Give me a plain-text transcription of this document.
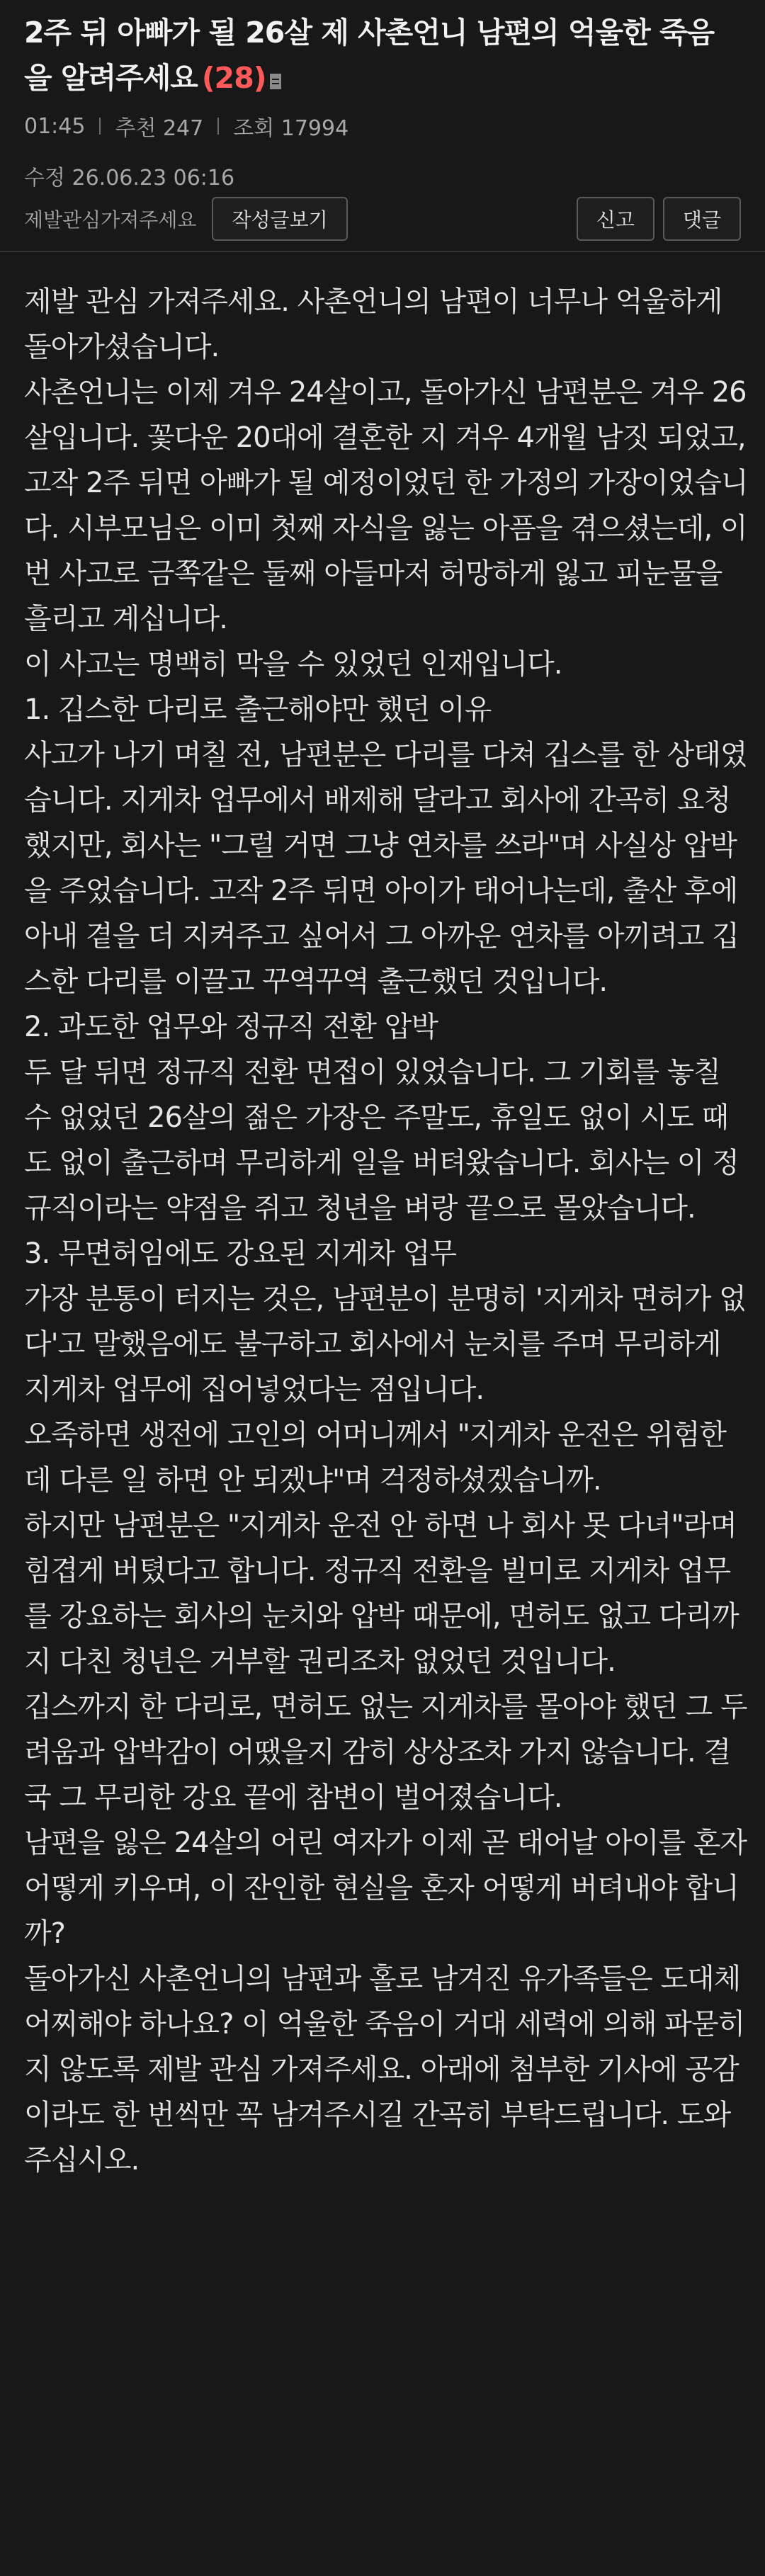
2주 뒤 아빠가 될 26살 제 사촌언니 남편의 억울한 죽음을 알려주세요 (28)
01:45 추천 247 조회 17994
수정 26.06.23 06:16
제발관심가져주세요	작성글보기	신고	댓글

제발 관심 가져주세요. 사촌언니의 남편이 너무나 억울하게 돌아가셨습니다.

사촌언니는 이제 겨우 24살이고, 돌아가신 남편분은 겨우 26살입니다. 꽃다운 20대에 결혼한 지 겨우 4개월 남짓 되었고, 고작 2주 뒤면 아빠가 될 예정이었던 한 가정의 가장이었습니다. 시부모님은 이미 첫째 자식을 잃는 아픔을 겪으셨는데, 이번 사고로 금쪽같은 둘째 아들마저 허망하게 잃고 피눈물을 흘리고 계십니다.

이 사고는 명백히 막을 수 있었던 인재입니다.

1. 깁스한 다리로 출근해야만 했던 이유

사고가 나기 며칠 전, 남편분은 다리를 다쳐 깁스를 한 상태였습니다. 지게차 업무에서 배제해 달라고 회사에 간곡히 요청했지만, 회사는 "그럴 거면 그냥 연차를 쓰라"며 사실상 압박을 주었습니다. 고작 2주 뒤면 아이가 태어나는데, 출산 후에 아내 곁을 더 지켜주고 싶어서 그 아까운 연차를 아끼려고 깁스한 다리를 이끌고 꾸역꾸역 출근했던 것입니다.

2. 과도한 업무와 정규직 전환 압박

두 달 뒤면 정규직 전환 면접이 있었습니다. 그 기회를 놓칠 수 없었던 26살의 젊은 가장은 주말도, 휴일도 없이 시도 때도 없이 출근하며 무리하게 일을 버텨왔습니다. 회사는 이 정규직이라는 약점을 쥐고 청년을 벼랑 끝으로 몰았습니다.

3. 무면허임에도 강요된 지게차 업무

가장 분통이 터지는 것은, 남편분이 분명히 '지게차 면허가 없다'고 말했음에도 불구하고 회사에서 눈치를 주며 무리하게 지게차 업무에 집어넣었다는 점입니다.

오죽하면 생전에 고인의 어머니께서 "지게차 운전은 위험한데 다른 일 하면 안 되겠냐"며 걱정하셨겠습니까.

하지만 남편분은 "지게차 운전 안 하면 나 회사 못 다녀"라며 힘겹게 버텼다고 합니다. 정규직 전환을 빌미로 지게차 업무를 강요하는 회사의 눈치와 압박 때문에, 면허도 없고 다리까지 다친 청년은 거부할 권리조차 없었던 것입니다.

깁스까지 한 다리로, 면허도 없는 지게차를 몰아야 했던 그 두려움과 압박감이 어땠을지 감히 상상조차 가지 않습니다. 결국 그 무리한 강요 끝에 참변이 벌어졌습니다.

남편을 잃은 24살의 어린 여자가 이제 곧 태어날 아이를 혼자 어떻게 키우며, 이 잔인한 현실을 혼자 어떻게 버텨내야 합니까?

돌아가신 사촌언니의 남편과 홀로 남겨진 유가족들은 도대체 어찌해야 하나요? 이 억울한 죽음이 거대 세력에 의해 파묻히지 않도록 제발 관심 가져주세요. 아래에 첨부한 기사에 공감이라도 한 번씩만 꼭 남겨주시길 간곡히 부탁드립니다. 도와주십시오.
